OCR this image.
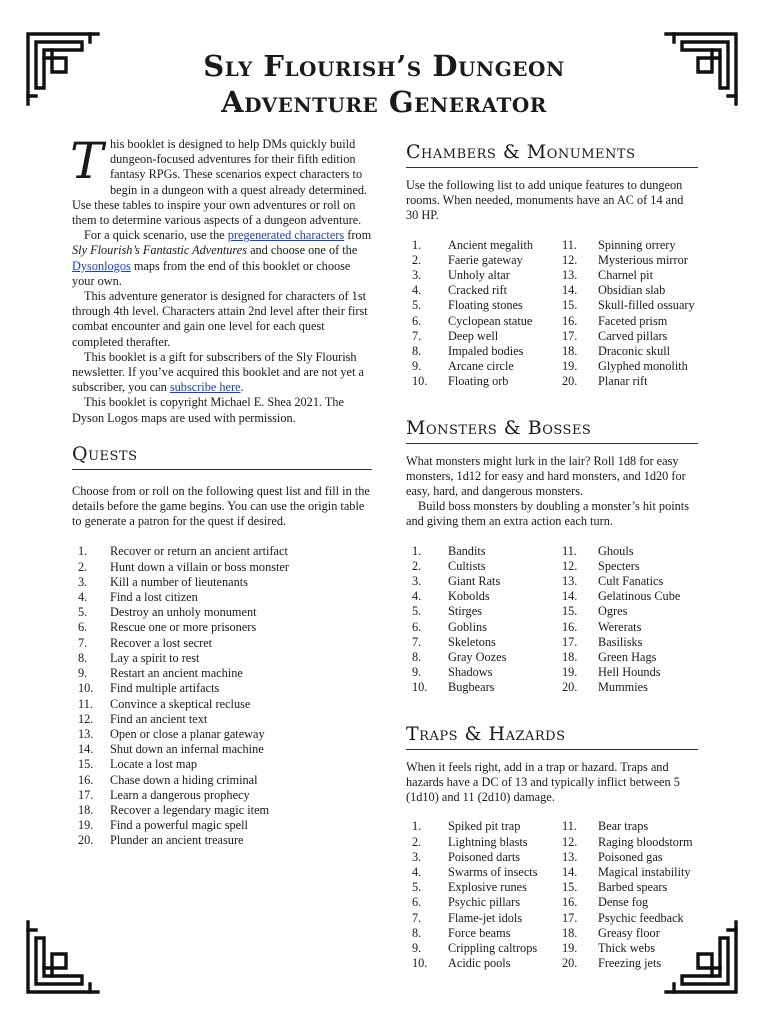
Sly Flourish’s Dungeon
Adventure Generator
T his booklet is designed to help DMs quickly build dungeon-focused adventures for their fifth edition fantasy RPGs. These scenarios expect characters to begin in a dungeon with a quest already determined. Use these tables to inspire your own adventures or roll on them to determine various aspects of a dungeon adventure.

For a quick scenario, use the pregenerated characters from Sly Flourish’s Fantastic Adventures and choose one of the Dysonlogos maps from the end of this booklet or choose your own.

This adventure generator is designed for characters of 1st through 4th level. Characters attain 2nd level after their first combat encounter and gain one level for each quest completed therafter.

This booklet is a gift for subscribers of the Sly Flourish newsletter. If you’ve acquired this booklet and are not yet a subscriber, you can subscribe here.

This booklet is copyright Michael E. Shea 2021. The Dyson Logos maps are used with permission.

Quests

Choose from or roll on the following quest list and fill in the details before the game begins. You can use the origin table to generate a patron for the quest if desired.

1.	Recover or return an ancient artifact
2.	Hunt down a villain or boss monster
3.	Kill a number of lieutenants
4.	Find a lost citizen
5.	Destroy an unholy monument
6.	Rescue one or more prisoners
7.	Recover a lost secret
8.	Lay a spirit to rest
9.	Restart an ancient machine
10.	Find multiple artifacts
11.	Convince a skeptical recluse
12.	Find an ancient text
13.	Open or close a planar gateway
14.	Shut down an infernal machine
15.	Locate a lost map
16.	Chase down a hiding criminal
17.	Learn a dangerous prophecy
18.	Recover a legendary magic item
19.	Find a powerful magic spell
20.	Plunder an ancient treasure
Chambers & Monuments

Use the following list to add unique features to dungeon rooms. When needed, monuments have an AC of 14 and 30 HP.

1.	Ancient megalith	11.	Spinning orrery
2.	Faerie gateway	12.	Mysterious mirror
3.	Unholy altar	13.	Charnel pit
4.	Cracked rift	14.	Obsidian slab
5.	Floating stones	15.	Skull-filled ossuary
6.	Cyclopean statue	16.	Faceted prism
7.	Deep well	17.	Carved pillars
8.	Impaled bodies	18.	Draconic skull
9.	Arcane circle	19.	Glyphed monolith
10.	Floating orb	20.	Planar rift
Monsters & Bosses

What monsters might lurk in the lair? Roll 1d8 for easy monsters, 1d12 for easy and hard monsters, and 1d20 for easy, hard, and dangerous monsters.

Build boss monsters by doubling a monster’s hit points and giving them an extra action each turn.

1.	Bandits	11.	Ghouls
2.	Cultists	12.	Specters
3.	Giant Rats	13.	Cult Fanatics
4.	Kobolds	14.	Gelatinous Cube
5.	Stirges	15.	Ogres
6.	Goblins	16.	Wererats
7.	Skeletons	17.	Basilisks
8.	Gray Oozes	18.	Green Hags
9.	Shadows	19.	Hell Hounds
10.	Bugbears	20.	Mummies
Traps & Hazards

When it feels right, add in a trap or hazard. Traps and hazards have a DC of 13 and typically inflict between 5 (1d10) and 11 (2d10) damage.

1.	Spiked pit trap	11.	Bear traps
2.	Lightning blasts	12.	Raging bloodstorm
3.	Poisoned darts	13.	Poisoned gas
4.	Swarms of insects	14.	Magical instability
5.	Explosive runes	15.	Barbed spears
6.	Psychic pillars	16.	Dense fog
7.	Flame-jet idols	17.	Psychic feedback
8.	Force beams	18.	Greasy floor
9.	Crippling caltrops	19.	Thick webs
10.	Acidic pools	20.	Freezing jets
